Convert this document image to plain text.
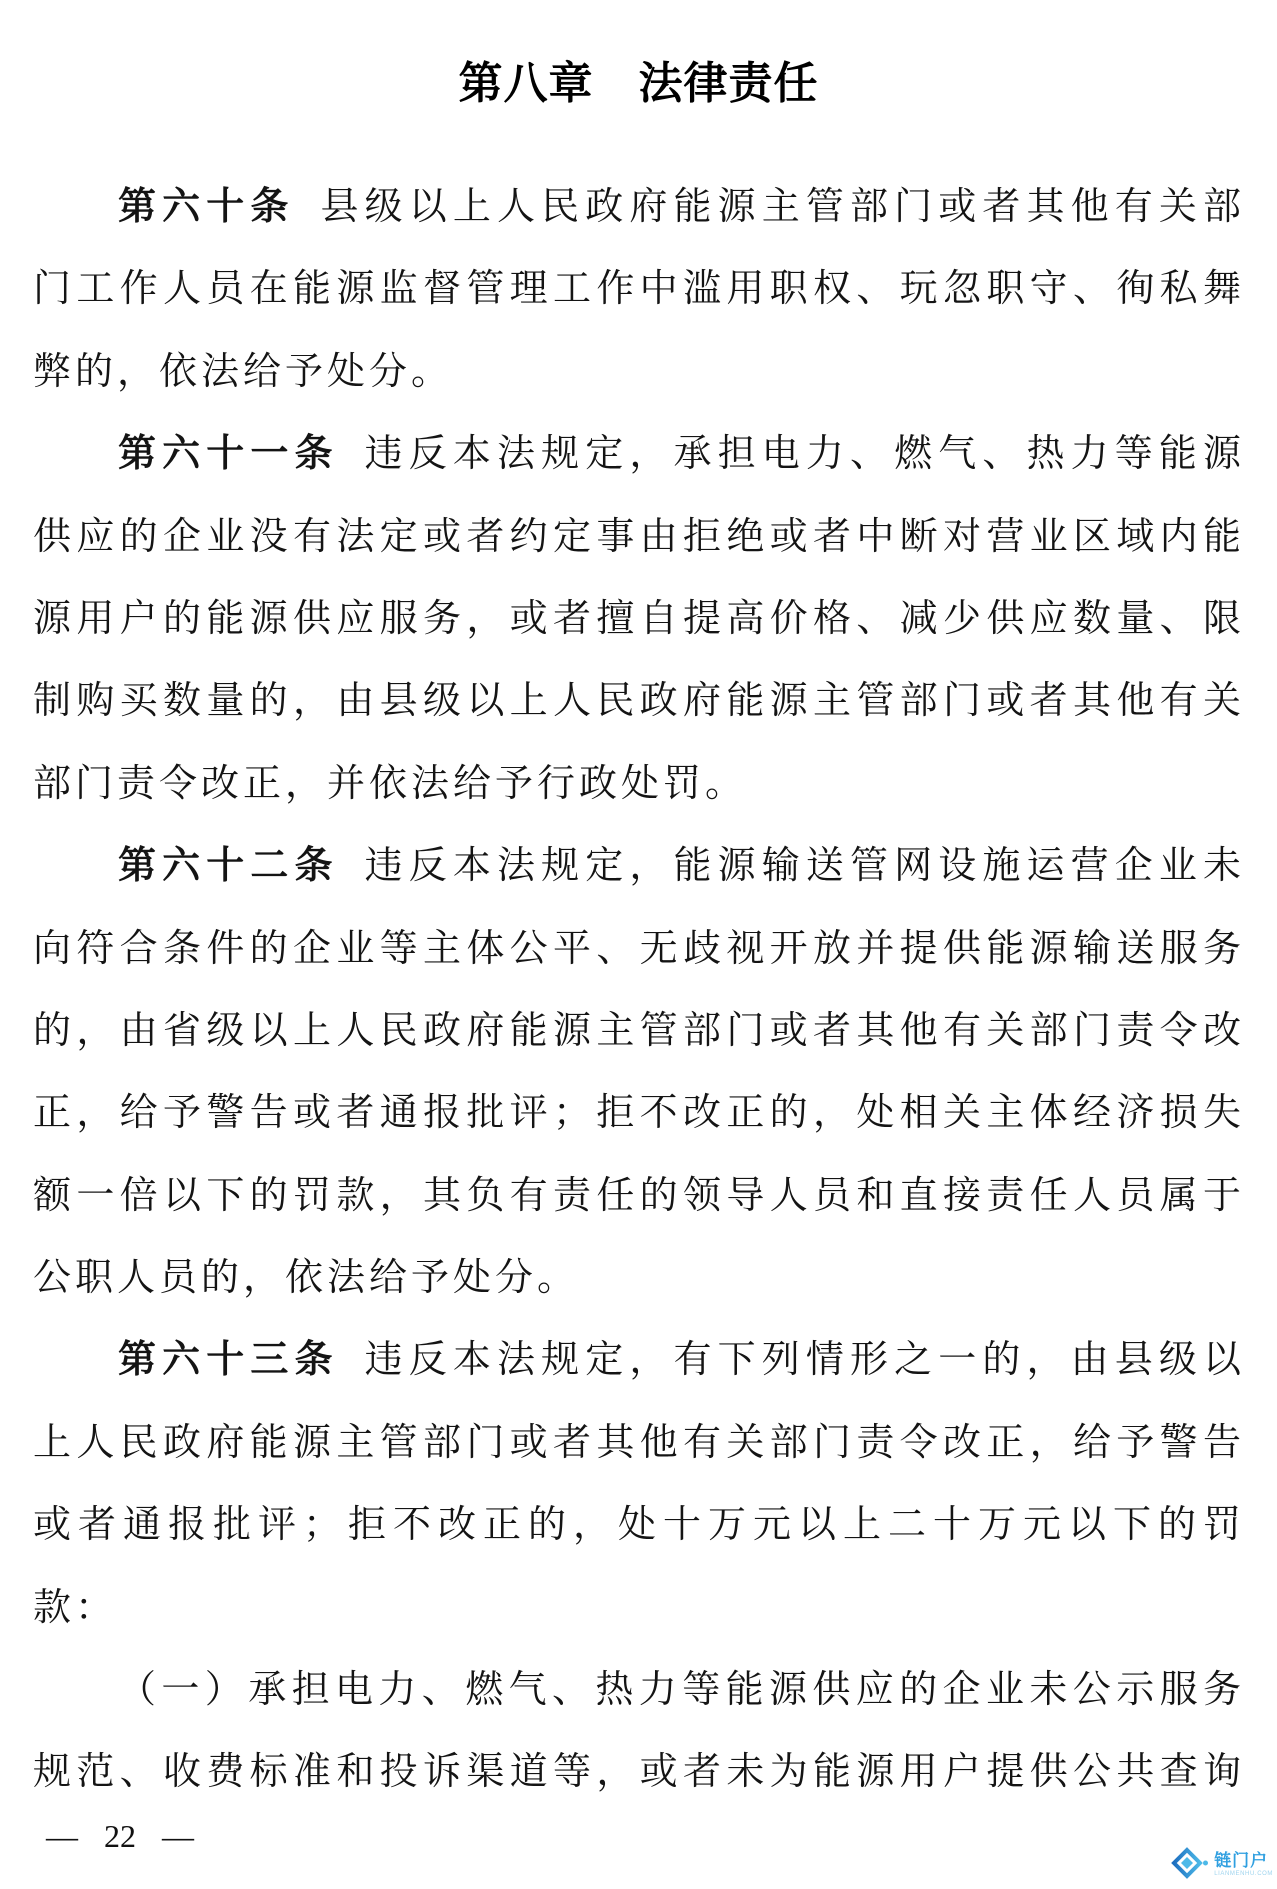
第八章　法律责任
第六十条 县级以上人民政府能源主管部门或者其他有关部
门工作人员在能源监督管理工作中滥用职权、玩忽职守、徇私舞
弊的，依法给予处分。
第六十一条 违反本法规定，承担电力、燃气、热力等能源
供应的企业没有法定或者约定事由拒绝或者中断对营业区域内能
源用户的能源供应服务，或者擅自提高价格、减少供应数量、限
制购买数量的，由县级以上人民政府能源主管部门或者其他有关
部门责令改正，并依法给予行政处罚。
第六十二条 违反本法规定，能源输送管网设施运营企业未
向符合条件的企业等主体公平、无歧视开放并提供能源输送服务
的，由省级以上人民政府能源主管部门或者其他有关部门责令改
正，给予警告或者通报批评；拒不改正的，处相关主体经济损失
额一倍以下的罚款，其负有责任的领导人员和直接责任人员属于
公职人员的，依法给予处分。
第六十三条 违反本法规定，有下列情形之一的，由县级以
上人民政府能源主管部门或者其他有关部门责令改正，给予警告
或者通报批评；拒不改正的，处十万元以上二十万元以下的罚
款：
（一）承担电力、燃气、热力等能源供应的企业未公示服务
规范、收费标准和投诉渠道等，或者未为能源用户提供公共查询
— 22 —
链门户
LIANMENHU.COM
